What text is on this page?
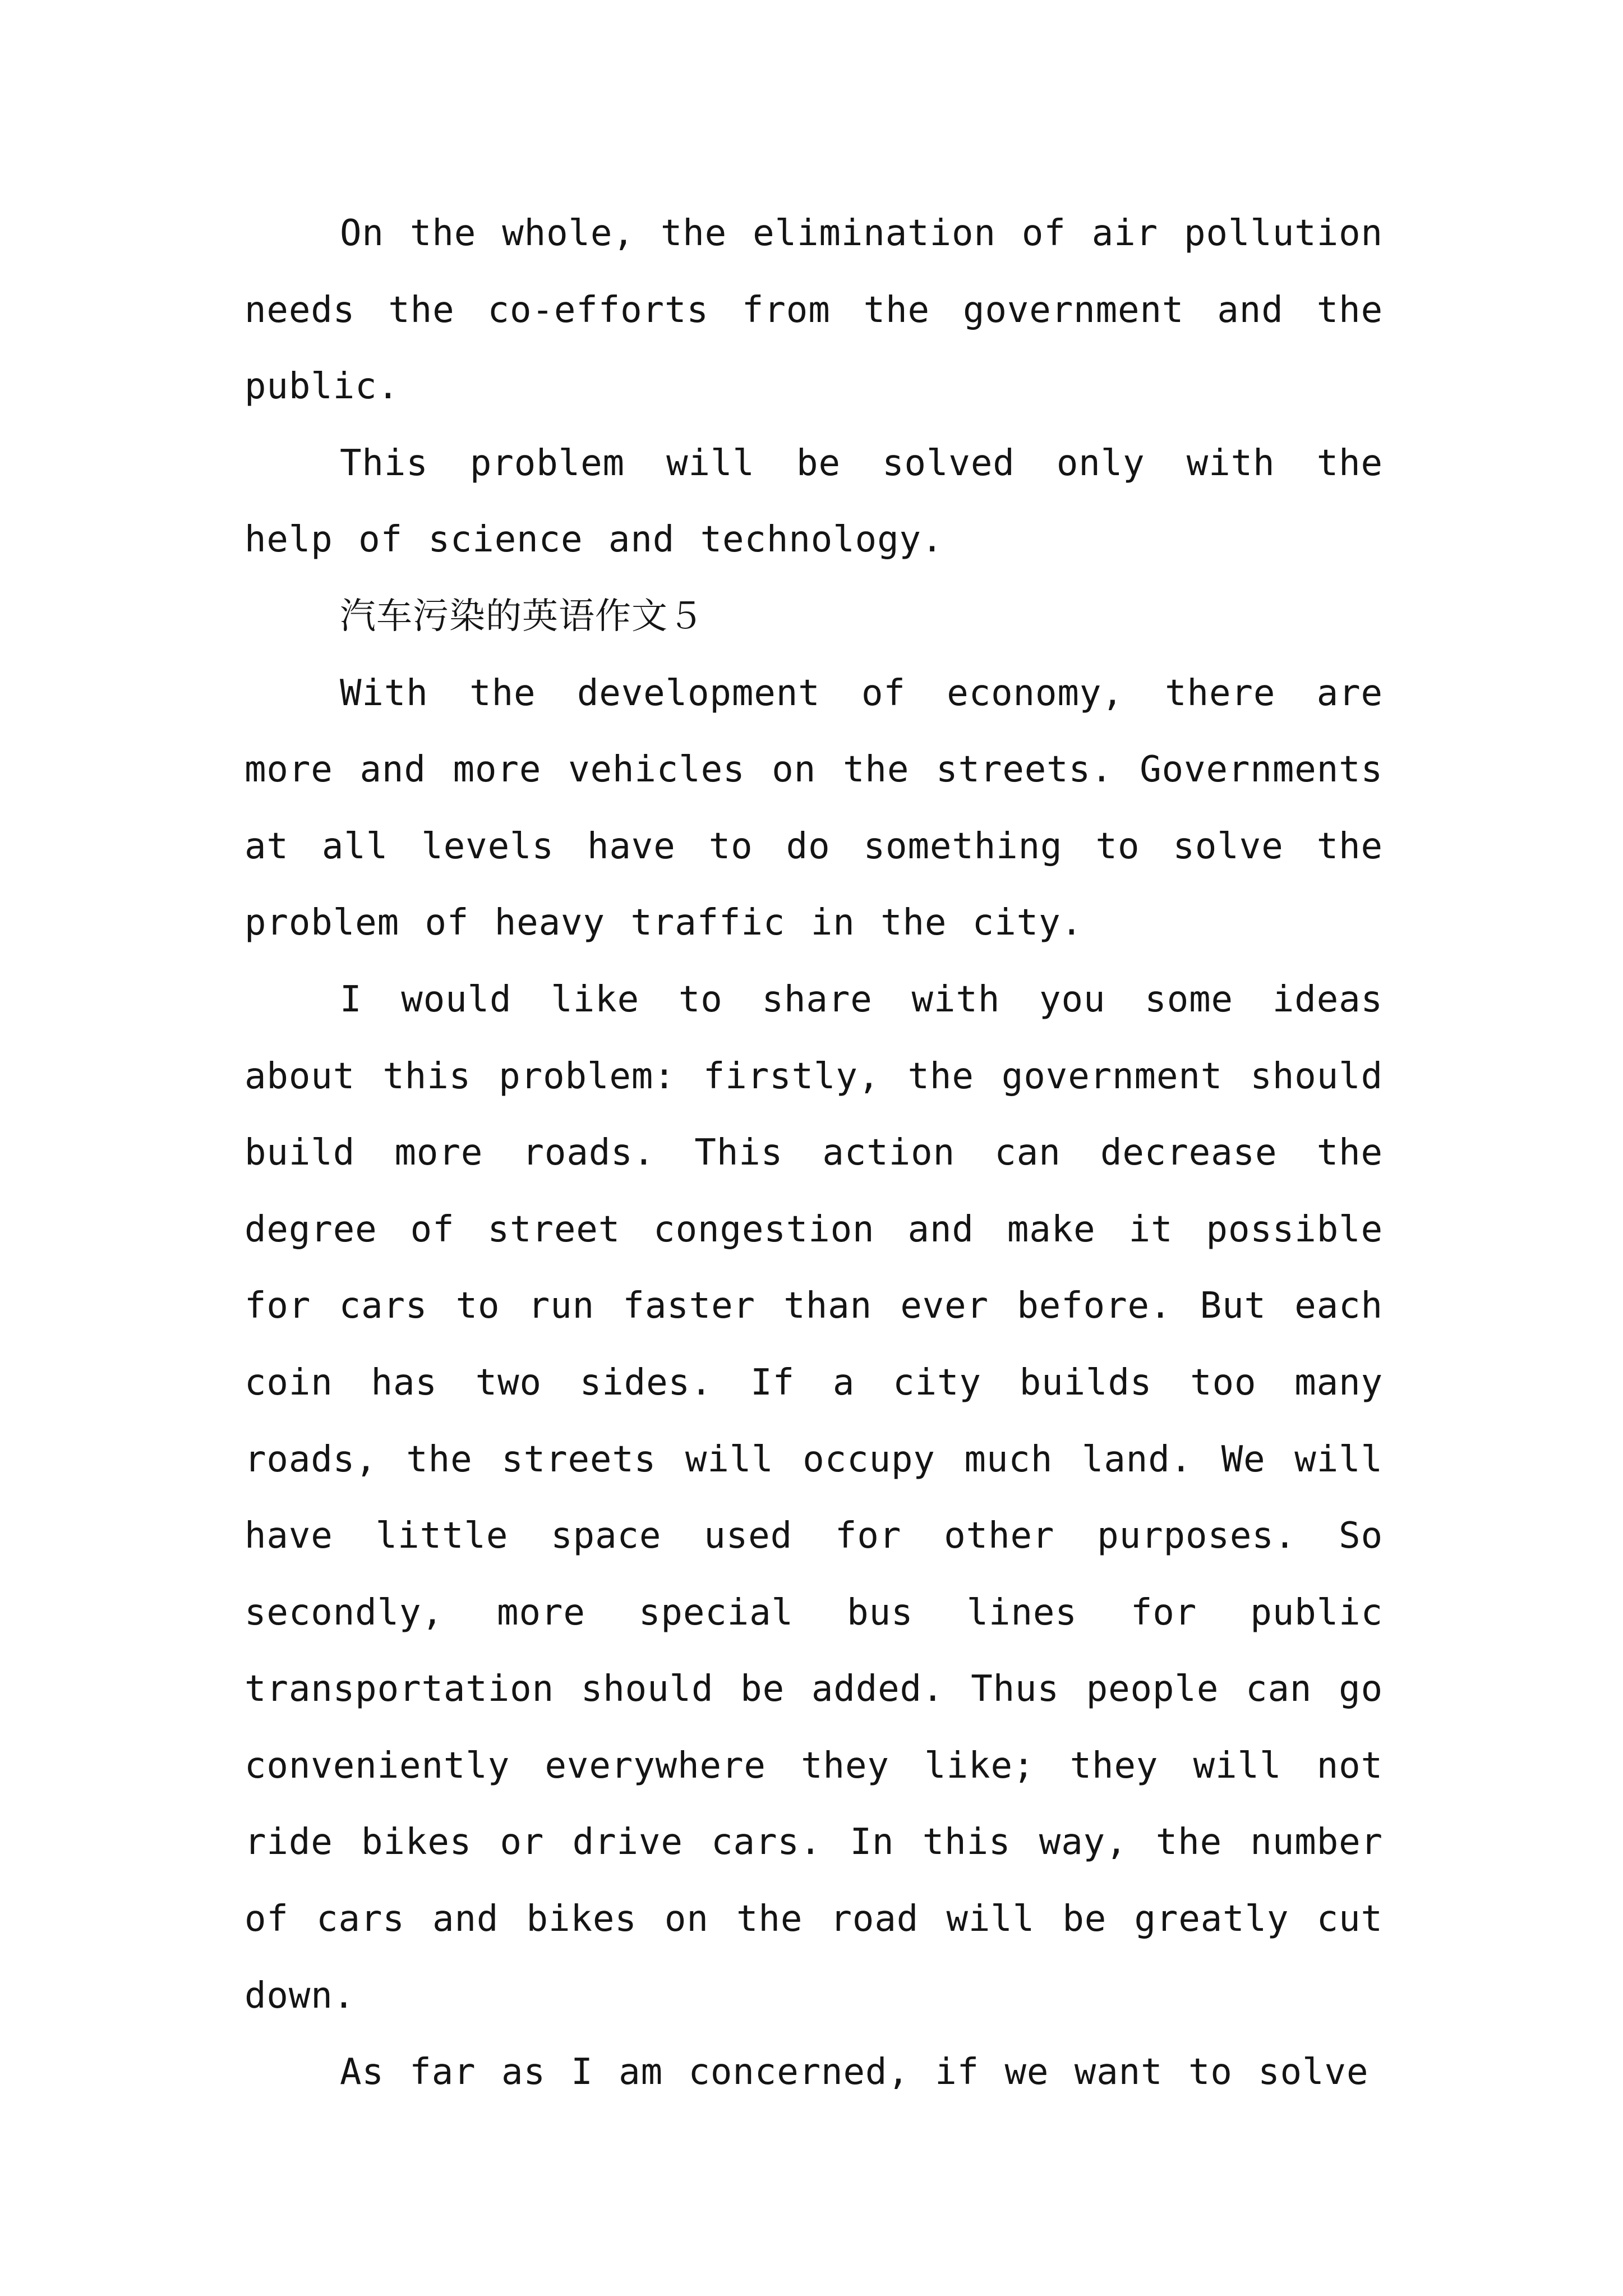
On the whole, the elimination of air pollution needs the co-efforts from the government and the public.

This problem will be solved only with the help of science and technology.

汽车污染的英语作文５

With the development of economy, there are more and more vehicles on the streets. Governments at all levels have to do something to solve the problem of heavy traffic in the city.

I would like to share with you some ideas about this problem: firstly, the government should build more roads. This action can decrease the degree of street congestion and make it possible for cars to run faster than ever before. But each coin has two sides. If a city builds too many roads, the streets will occupy much land. We will have little space used for other purposes. So secondly, more special bus lines for public transportation should be added. Thus people can go conveniently everywhere they like; they will not ride bikes or drive cars. In this way, the number of cars and bikes on the road will be greatly cut down.

As far as I am concerned, if we want to solve
